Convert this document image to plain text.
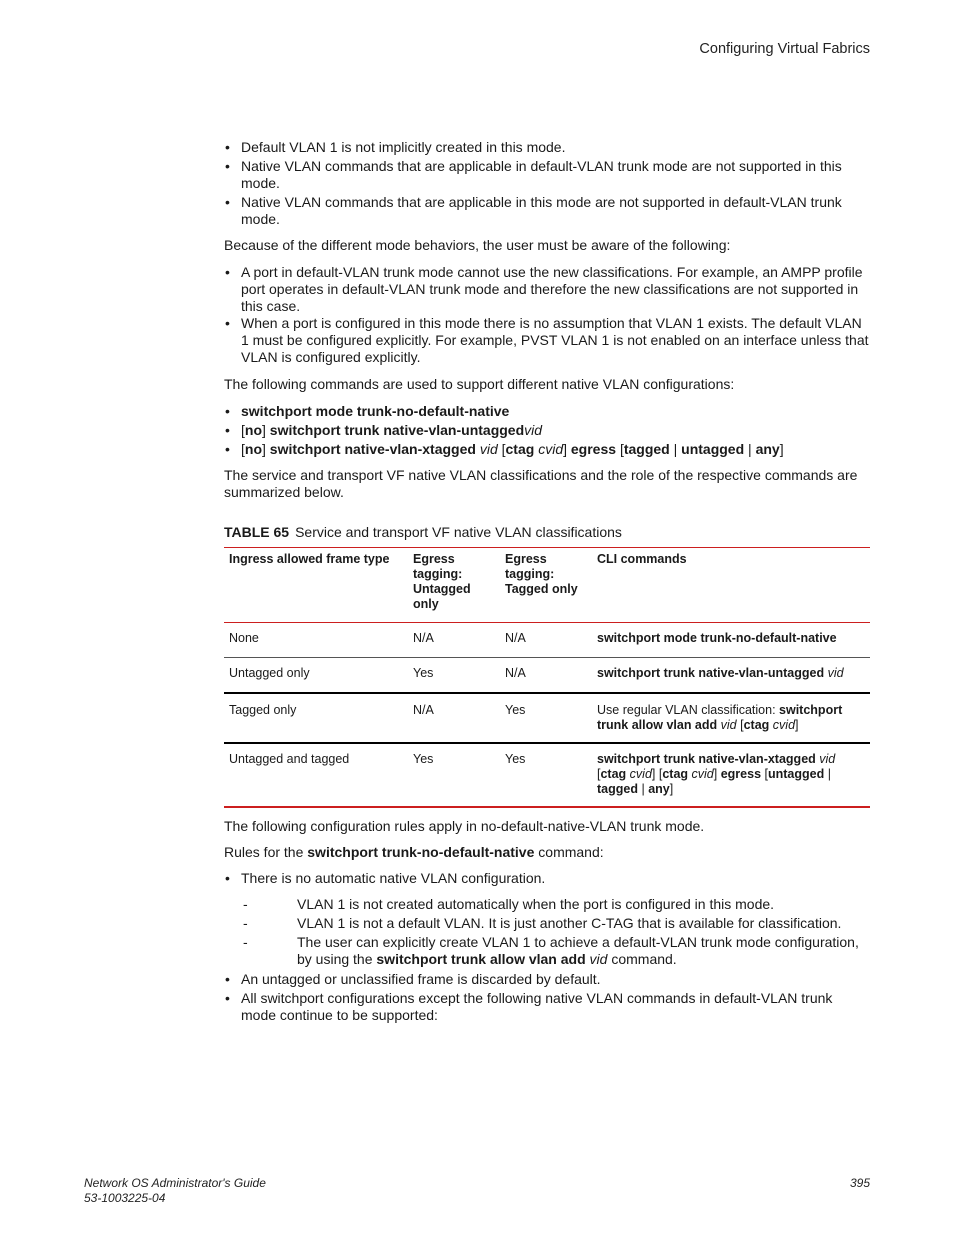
Configuring Virtual Fabrics
• Default VLAN 1 is not implicitly created in this mode.
• Native VLAN commands that are applicable in default-VLAN trunk mode are not supported in this mode.
• Native VLAN commands that are applicable in this mode are not supported in default-VLAN trunk mode.

Because of the different mode behaviors, the user must be aware of the following:

• A port in default-VLAN trunk mode cannot use the new classifications. For example, an AMPP profile port operates in default-VLAN trunk mode and therefore the new classifications are not supported in this case.
• When a port is configured in this mode there is no assumption that VLAN 1 exists. The default VLAN 1 must be configured explicitly. For example, PVST VLAN 1 is not enabled on an interface unless that VLAN is configured explicitly.

The following commands are used to support different native VLAN configurations:

• switchport mode trunk-no-default-native
• [no] switchport trunk native-vlan-untaggedvid
• [no] switchport native-vlan-xtagged vid [ctag cvid] egress [tagged | untagged | any]

The service and transport VF native VLAN classifications and the role of the respective commands are summarized below.

TABLE 65 Service and transport VF native VLAN classifications
Ingress allowed frame type	Egress tagging: Untagged only	Egress tagging: Tagged only	CLI commands
None	N/A	N/A	switchport mode trunk-no-default-native
Untagged only	Yes	N/A	switchport trunk native-vlan-untagged vid
Tagged only	N/A	Yes	Use regular VLAN classification: switchport trunk allow vlan add vid [ctag cvid]
Untagged and tagged	Yes	Yes	switchport trunk native-vlan-xtagged vid [ctag cvid] [ctag cvid] egress [untagged | tagged | any]

The following configuration rules apply in no-default-native-VLAN trunk mode.

Rules for the switchport trunk-no-default-native command:

• There is no automatic native VLAN configuration.
-	VLAN 1 is not created automatically when the port is configured in this mode.
-	VLAN 1 is not a default VLAN. It is just another C-TAG that is available for classification.
-	The user can explicitly create VLAN 1 to achieve a default-VLAN trunk mode configuration, by using the switchport trunk allow vlan add vid command.
• An untagged or unclassified frame is discarded by default.
• All switchport configurations except the following native VLAN commands in default-VLAN trunk mode continue to be supported:
Network OS Administrator's Guide
53-1003225-04
395
